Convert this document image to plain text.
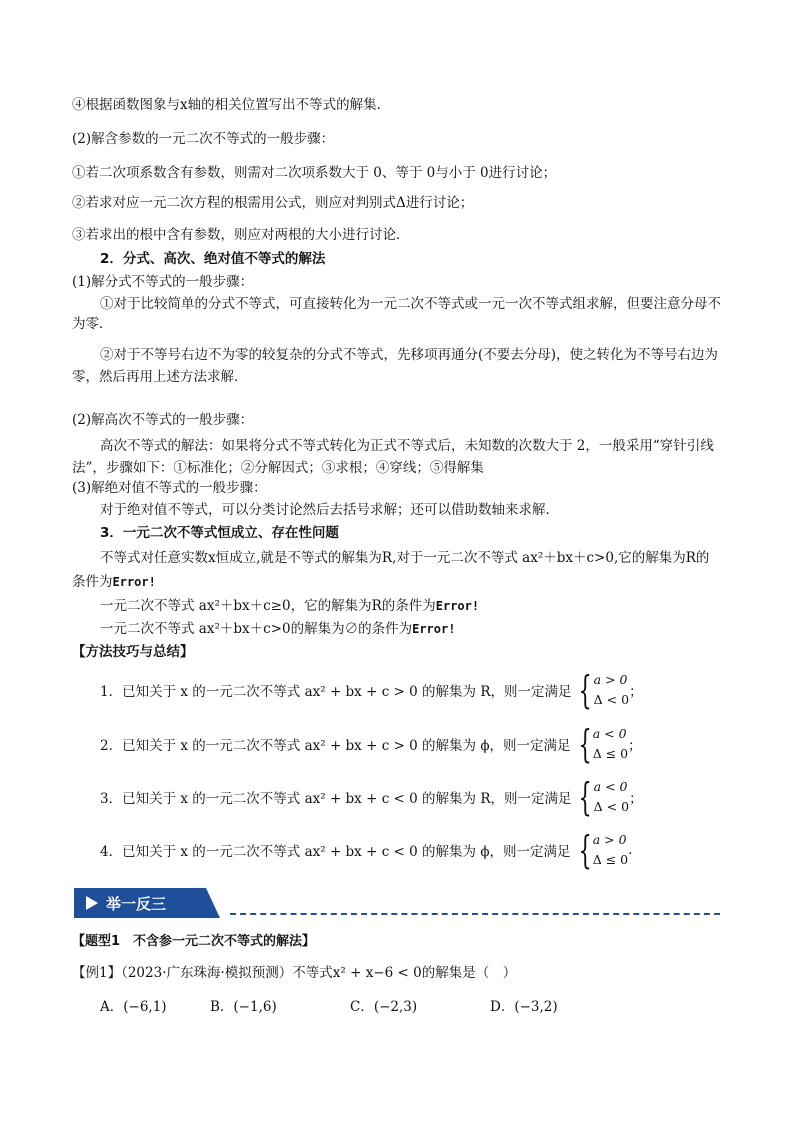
④根据函数图象与x轴的相关位置写出不等式的解集．
(2)解含参数的一元二次不等式的一般步骤：
①若二次项系数含有参数，则需对二次项系数大于 0、等于 0与小于 0进行讨论；
②若求对应一元二次方程的根需用公式，则应对判别式Δ进行讨论；
③若求出的根中含有参数，则应对两根的大小进行讨论．
2．分式、高次、绝对值不等式的解法
(1)解分式不等式的一般步骤：
①对于比较简单的分式不等式，可直接转化为一元二次不等式或一元一次不等式组求解，但要注意分母不为零．
②对于不等号右边不为零的较复杂的分式不等式，先移项再通分(不要去分母)，使之转化为不等号右边为零，然后再用上述方法求解．
(2)解高次不等式的一般步骤：
高次不等式的解法：如果将分式不等式转化为正式不等式后，未知数的次数大于 2，一般采用“穿针引线法”，步骤如下：①标准化；②分解因式；③求根；④穿线；⑤得解集
(3)解绝对值不等式的一般步骤：
对于绝对值不等式，可以分类讨论然后去括号求解；还可以借助数轴来求解.
3．一元二次不等式恒成立、存在性问题
不等式对任意实数x恒成立,就是不等式的解集为R,对于一元二次不等式 ax²＋bx＋c>0,它的解集为R的条件为Error!
一元二次不等式 ax²＋bx＋c≥0，它的解集为R的条件为Error!
一元二次不等式 ax²＋bx＋c>0的解集为∅的条件为Error!
【方法技巧与总结】
1．已知关于 x 的一元二次不等式 ax² + bx + c > 0 的解集为 R，则一定满足 { a > 0
Δ < 0 ；
2．已知关于 x 的一元二次不等式 ax² + bx + c > 0 的解集为 ϕ，则一定满足 { a < 0
Δ ≤ 0 ；
3．已知关于 x 的一元二次不等式 ax² + bx + c < 0 的解集为 R，则一定满足 { a < 0
Δ < 0 ；
4．已知关于 x 的一元二次不等式 ax² + bx + c < 0 的解集为 ϕ，则一定满足 { a > 0
Δ ≤ 0
.
举一反三
【题型1　不含参一元二次不等式的解法】
【例1】（2023·广东珠海·模拟预测）不等式x² + x−6 < 0的解集是（　）
A．(−6,1)	B．(−1,6)	C．(−2,3)	D．(−3,2)
